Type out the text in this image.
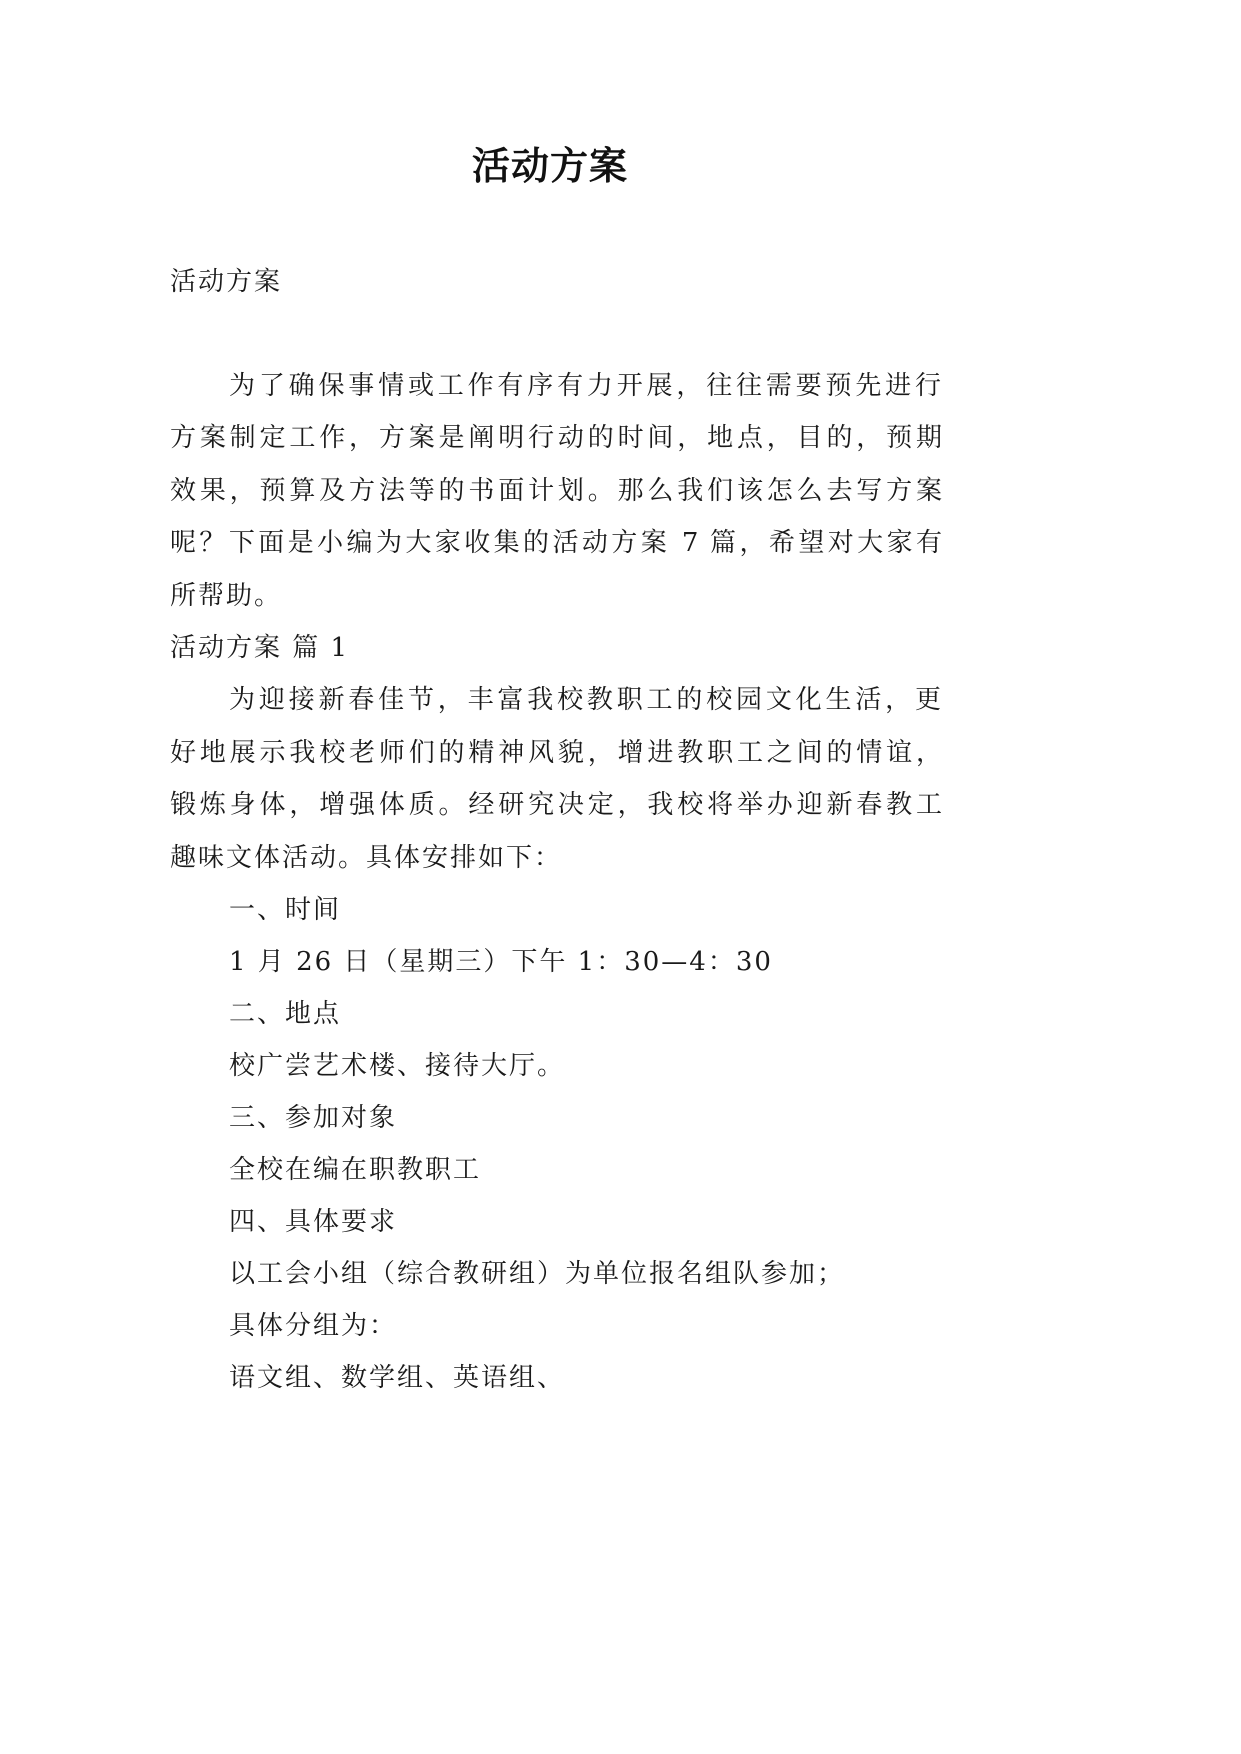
活动方案
活动方案
为了确保事情或工作有序有力开展，往往需要预先进行
方案制定工作，方案是阐明行动的时间，地点，目的，预期
效果，预算及方法等的书面计划。那么我们该怎么去写方案
呢？下面是小编为大家收集的活动方案 7 篇，希望对大家有
所帮助。
活动方案 篇 1
为迎接新春佳节，丰富我校教职工的校园文化生活，更
好地展示我校老师们的精神风貌，增进教职工之间的情谊，
锻炼身体，增强体质。经研究决定，我校将举办迎新春教工
趣味文体活动。具体安排如下：
一、时间
1 月 26 日（星期三）下午 1：30—4：30
二、地点
校广尝艺术楼、接待大厅。
三、参加对象
全校在编在职教职工
四、具体要求
以工会小组（综合教研组）为单位报名组队参加；
具体分组为：
语文组、数学组、英语组、
